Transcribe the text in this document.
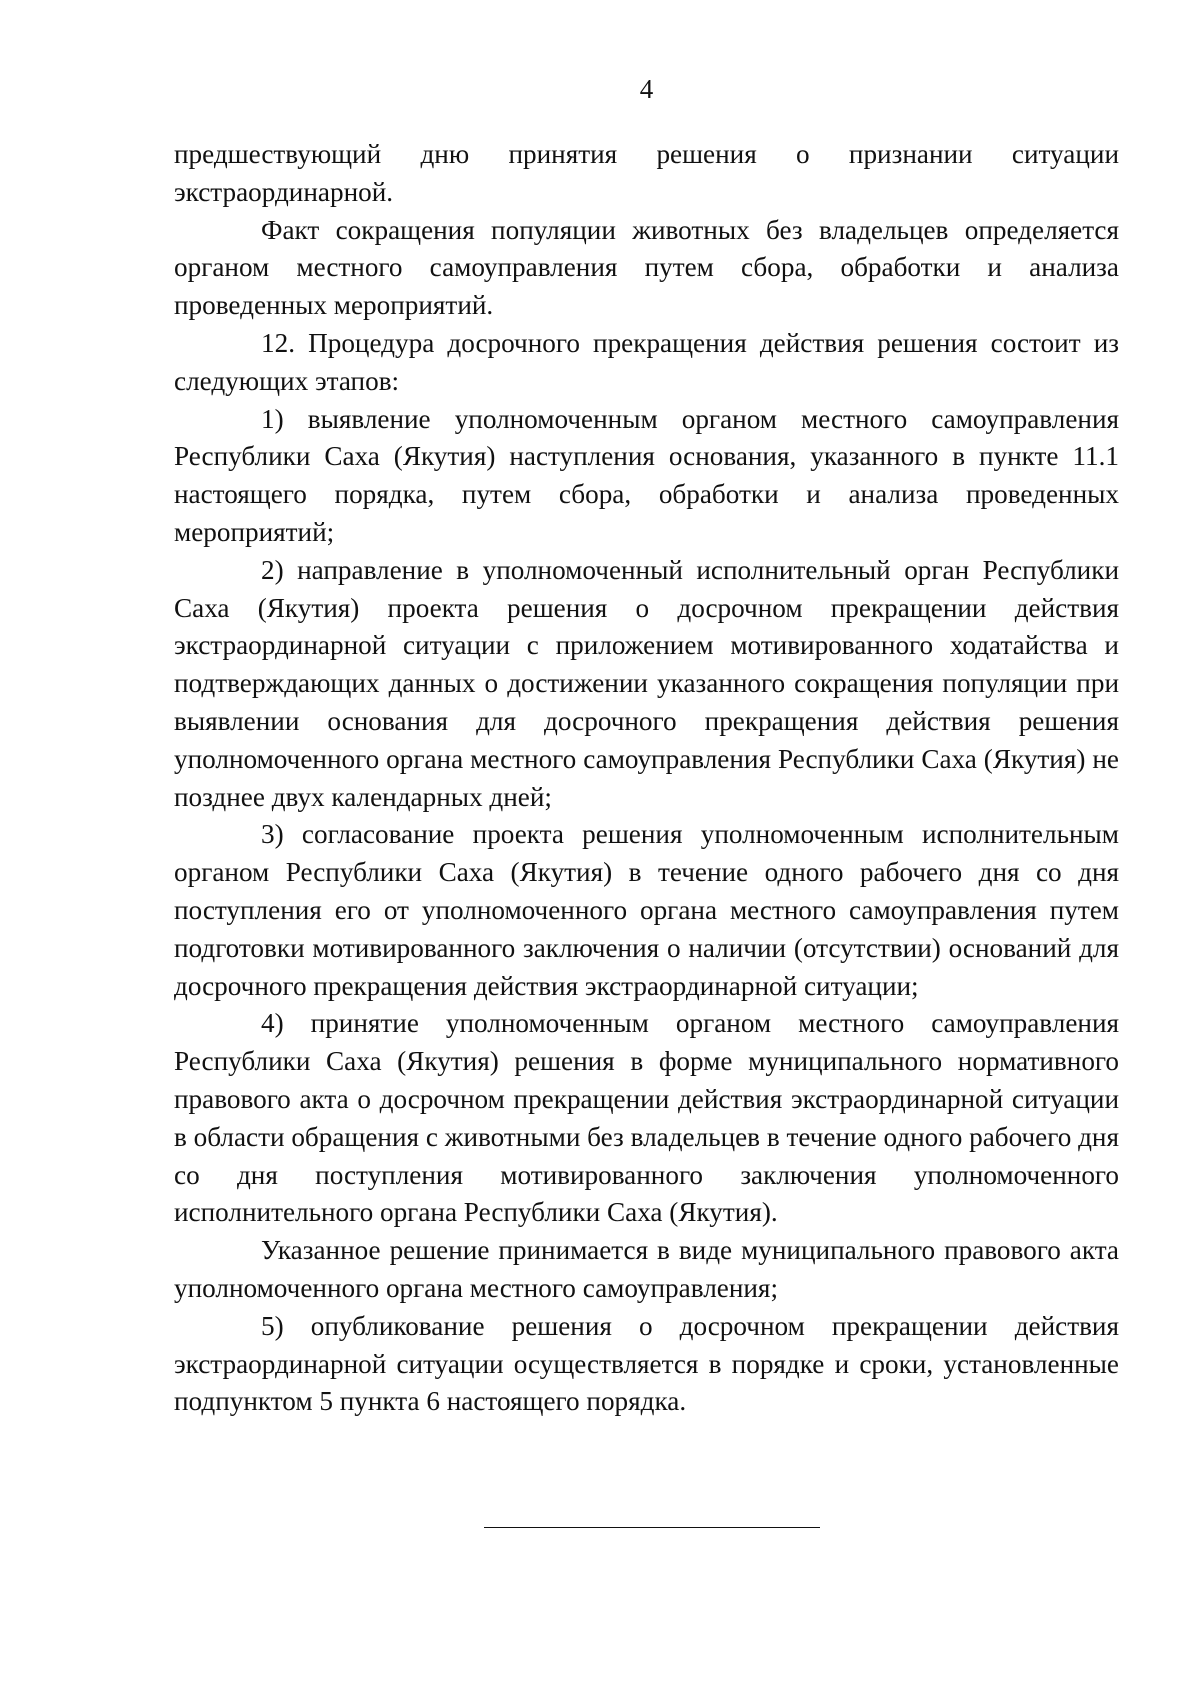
4

предшествующий дню принятия решения о признании ситуации экстраординарной.

Факт сокращения популяции животных без владельцев определяется органом местного самоуправления путем сбора, обработки и анализа проведенных мероприятий.

12. Процедура досрочного прекращения действия решения состоит из следующих этапов:

1) выявление уполномоченным органом местного самоуправления Республики Саха (Якутия) наступления основания, указанного в пункте 11.1 настоящего порядка, путем сбора, обработки и анализа проведенных мероприятий;

2) направление в уполномоченный исполнительный орган Республики Саха (Якутия) проекта решения о досрочном прекращении действия экстраординарной ситуации с приложением мотивированного ходатайства и подтверждающих данных о достижении указанного сокращения популяции при выявлении основания для досрочного прекращения действия решения уполномоченного органа местного самоуправления Республики Саха (Якутия) не позднее двух календарных дней;

3) согласование проекта решения уполномоченным исполнительным органом Республики Саха (Якутия) в течение одного рабочего дня со дня поступления его от уполномоченного органа местного самоуправления путем подготовки мотивированного заключения о наличии (отсутствии) оснований для досрочного прекращения действия экстраординарной ситуации;

4) принятие уполномоченным органом местного самоуправления Республики Саха (Якутия) решения в форме муниципального нормативного правового акта о досрочном прекращении действия экстраординарной ситуации в области обращения с животными без владельцев в течение одного рабочего дня со дня поступления мотивированного заключения уполномоченного исполнительного органа Республики Саха (Якутия).

Указанное решение принимается в виде муниципального правового акта уполномоченного органа местного самоуправления;

5) опубликование решения о досрочном прекращении действия экстраординарной ситуации осуществляется в порядке и сроки, установленные подпунктом 5 пункта 6 настоящего порядка.
